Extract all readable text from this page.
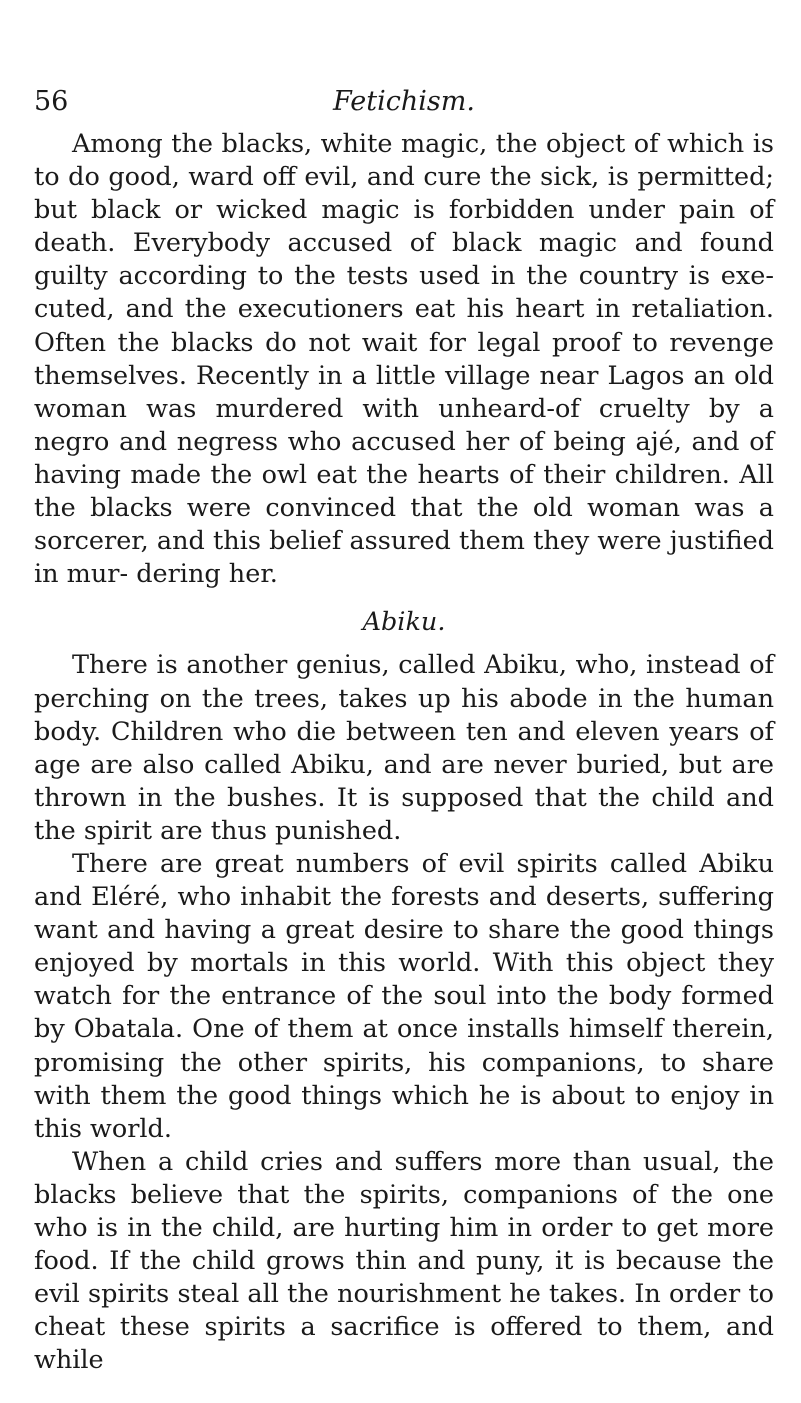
56	Fetichism.

Among the blacks, white magic, the object of which is to do good, ward off evil, and cure the sick, is permitted; but black or wicked magic is forbidden under pain of death. Everybody accused of black magic and found guilty according to the tests used in the country is exe- cuted, and the executioners eat his heart in retaliation. Often the blacks do not wait for legal proof to revenge themselves. Recently in a little village near Lagos an old woman was murdered with unheard-of cruelty by a negro and negress who accused her of being ajé, and of having made the owl eat the hearts of their children. All the blacks were convinced that the old woman was a sorcerer, and this belief assured them they were justified in mur- dering her.

Abiku.

There is another genius, called Abiku, who, instead of perching on the trees, takes up his abode in the human body. Children who die between ten and eleven years of age are also called Abiku, and are never buried, but are thrown in the bushes. It is supposed that the child and the spirit are thus punished.

There are great numbers of evil spirits called Abiku and Eléré, who inhabit the forests and deserts, suffering want and having a great desire to share the good things enjoyed by mortals in this world. With this object they watch for the entrance of the soul into the body formed by Obatala. One of them at once installs himself therein, promising the other spirits, his companions, to share with them the good things which he is about to enjoy in this world.

When a child cries and suffers more than usual, the blacks believe that the spirits, companions of the one who is in the child, are hurting him in order to get more food. If the child grows thin and puny, it is because the evil spirits steal all the nourishment he takes. In order to cheat these spirits a sacrifice is offered to them, and while
